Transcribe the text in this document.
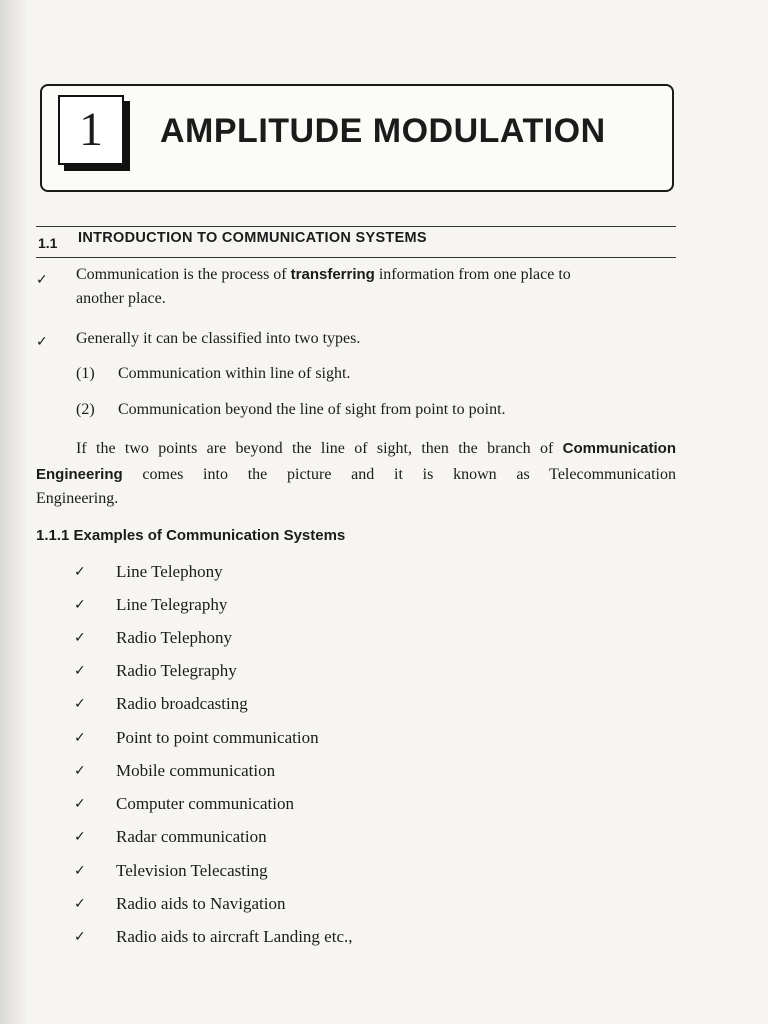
1	AMPLITUDE MODULATION
1.1 INTRODUCTION TO COMMUNICATION SYSTEMS
✓ Communication is the process of transferring information from one place to
another place.
✓ Generally it can be classified into two types.
(1) Communication within line of sight.
(2) Communication beyond the line of sight from point to point.
If the two points are beyond the line of sight, then the branch of Communication
Engineering comes into the picture and it is known as Telecommunication
Engineering.
1.1.1 Examples of Communication Systems
✓	Line Telephony
✓	Line Telegraphy
✓	Radio Telephony
✓	Radio Telegraphy
✓	Radio broadcasting
✓	Point to point communication
✓	Mobile communication
✓	Computer communication
✓	Radar communication
✓	Television Telecasting
✓	Radio aids to Navigation
✓	Radio aids to aircraft Landing etc.,
